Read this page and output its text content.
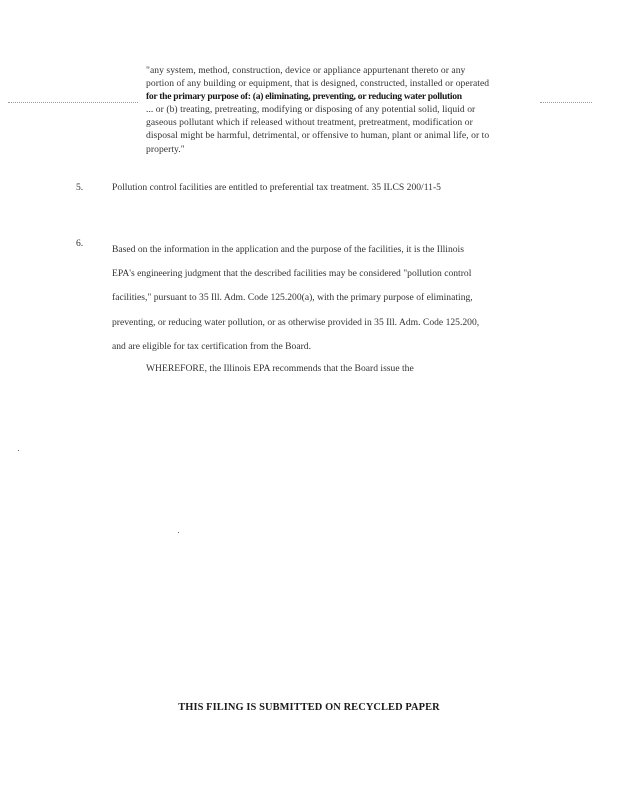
"any system, method, construction, device or appliance appurtenant thereto or any
portion of any building or equipment, that is designed, constructed, installed or operated
for the primary purpose of: (a) eliminating, preventing, or reducing water pollution
... or (b) treating, pretreating, modifying or disposing of any potential solid, liquid or
gaseous pollutant which if released without treatment, pretreatment, modification or
disposal might be harmful, detrimental, or offensive to human, plant or animal life, or to
property."
5.	Pollution control facilities are entitled to preferential tax treatment. 35 ILCS 200/11-5
6.
Based on the information in the application and the purpose of the facilities, it is the Illinois
EPA's engineering judgment that the described facilities may be considered "pollution control
facilities," pursuant to 35 Ill. Adm. Code 125.200(a), with the primary purpose of eliminating,
preventing, or reducing water pollution, or as otherwise provided in 35 Ill. Adm. Code 125.200,
and are eligible for tax certification from the Board.
WHEREFORE, the Illinois EPA recommends that the Board issue the
THIS FILING IS SUBMITTED ON RECYCLED PAPER
